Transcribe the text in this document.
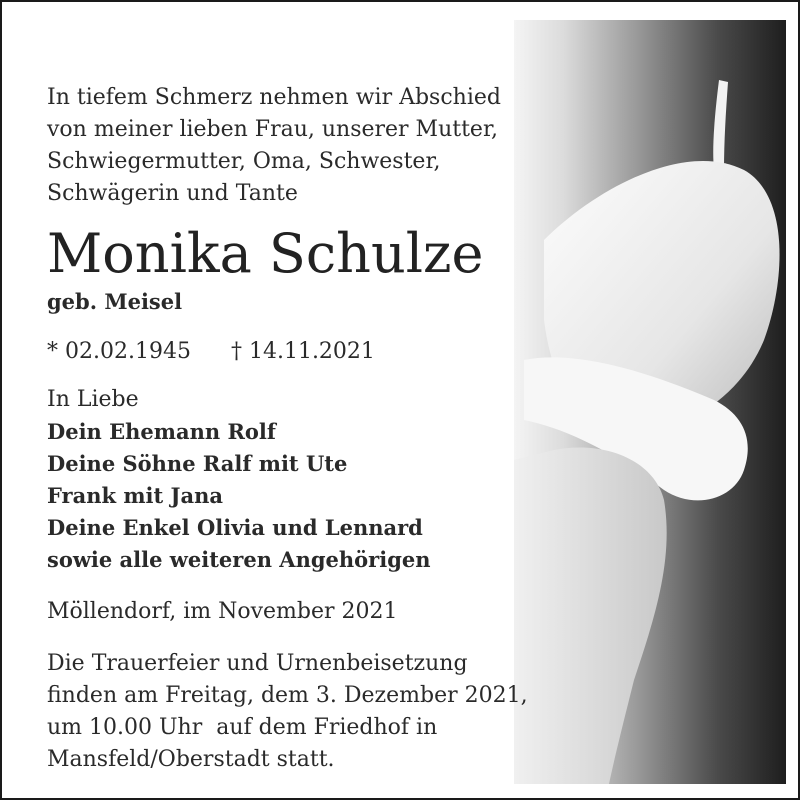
In tiefem Schmerz nehmen wir Abschied
von meiner lieben Frau, unserer Mutter,
Schwiegermutter, Oma, Schwester,
Schwägerin und Tante
Monika Schulze
geb. Meisel
* 02.02.1945 † 14.11.2021
In Liebe
Dein Ehemann Rolf
Deine Söhne Ralf mit Ute
Frank mit Jana
Deine Enkel Olivia und Lennard
sowie alle weiteren Angehörigen
Möllendorf, im November 2021
Die Trauerfeier und Urnenbeisetzung
finden am Freitag, dem 3. Dezember 2021,
um 10.00 Uhr  auf dem Friedhof in
Mansfeld/Oberstadt statt.
